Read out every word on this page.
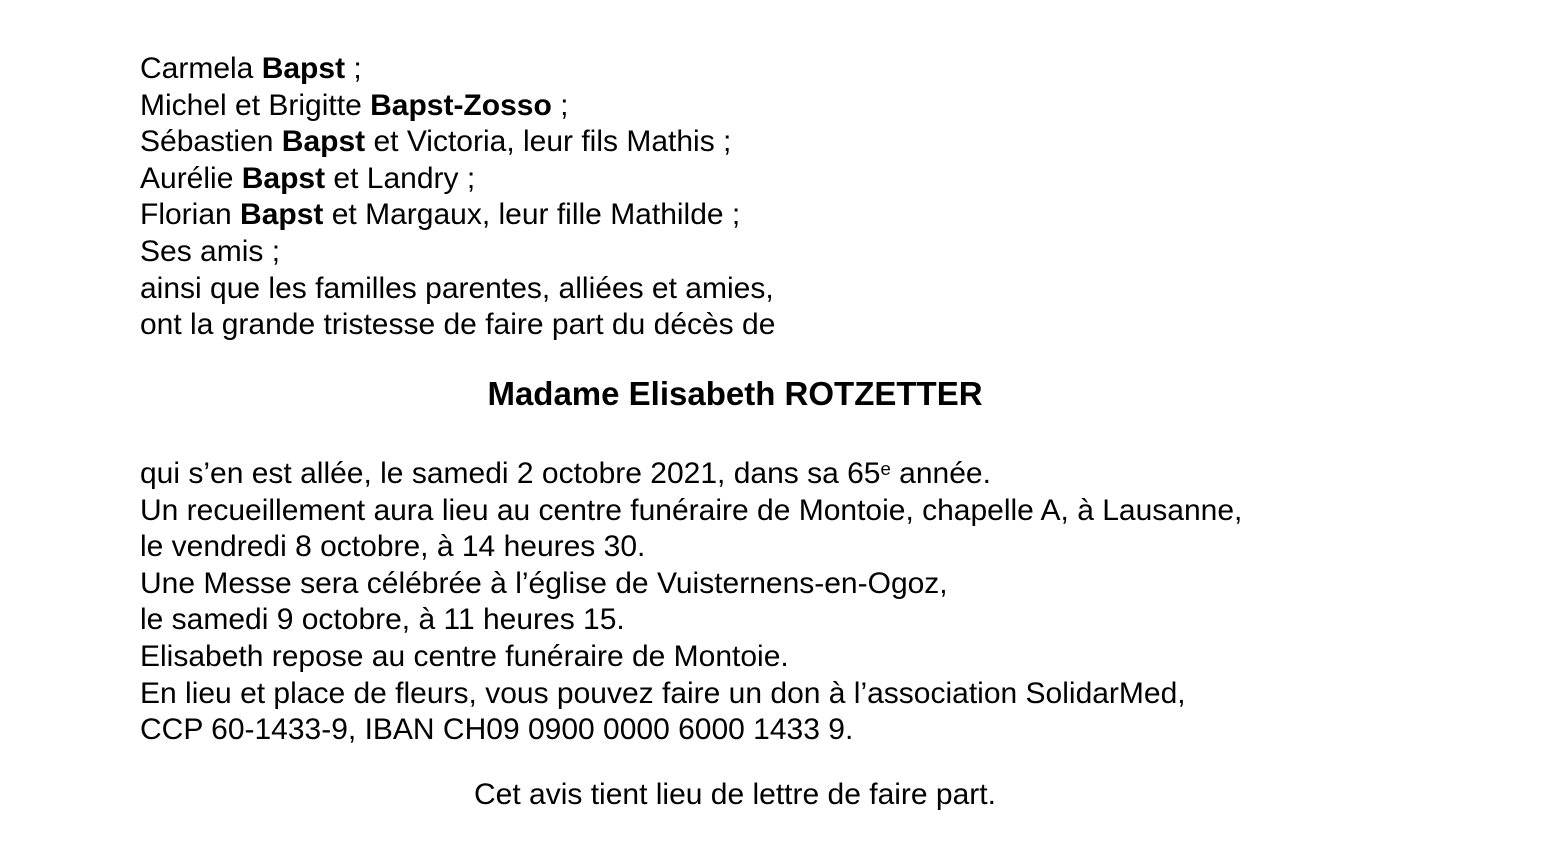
Carmela Bapst ;
Michel et Brigitte Bapst-Zosso ;
Sébastien Bapst et Victoria, leur fils Mathis ;
Aurélie Bapst et Landry ;
Florian Bapst et Margaux, leur fille Mathilde ;
Ses amis ;
ainsi que les familles parentes, alliées et amies,
ont la grande tristesse de faire part du décès de
Madame Elisabeth ROTZETTER
qui s’en est allée, le samedi 2 octobre 2021, dans sa 65e année.
Un recueillement aura lieu au centre funéraire de Montoie, chapelle A, à Lausanne,
le vendredi 8 octobre, à 14 heures 30.
Une Messe sera célébrée à l’église de Vuisternens-en-Ogoz,
le samedi 9 octobre, à 11 heures 15.
Elisabeth repose au centre funéraire de Montoie.
En lieu et place de fleurs, vous pouvez faire un don à l’association SolidarMed,
CCP 60-1433-9, IBAN CH09 0900 0000 6000 1433 9.
Cet avis tient lieu de lettre de faire part.
